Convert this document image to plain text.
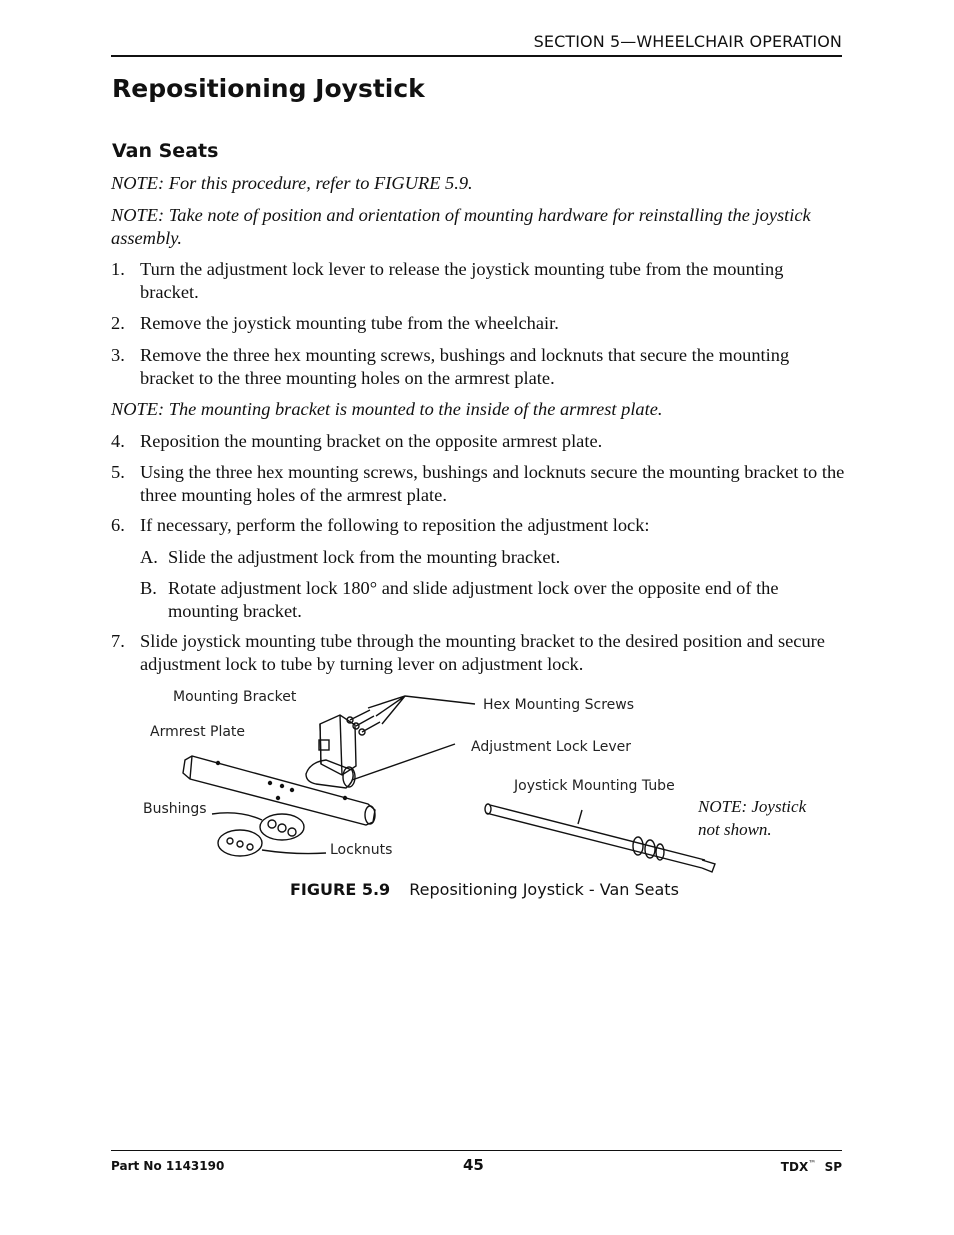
SECTION 5—WHEELCHAIR OPERATION
Repositioning Joystick
Van Seats
NOTE: For this procedure, refer to FIGURE 5.9.
NOTE: Take note of position and orientation of mounting hardware for reinstalling the joystick assembly.
1. Turn the adjustment lock lever to release the joystick mounting tube from the mounting bracket.
2. Remove the joystick mounting tube from the wheelchair.
3. Remove the three hex mounting screws, bushings and locknuts that secure the mounting bracket to the three mounting holes on the armrest plate.
NOTE: The mounting bracket is mounted to the inside of the armrest plate.
4. Reposition the mounting bracket on the opposite armrest plate.
5. Using the three hex mounting screws, bushings and locknuts secure the mounting bracket to the three mounting holes of the armrest plate.
6. If necessary, perform the following to reposition the adjustment lock:
A. Slide the adjustment lock from the mounting bracket.
B. Rotate adjustment lock 180° and slide adjustment lock over the opposite end of the mounting bracket.
7. Slide joystick mounting tube through the mounting bracket to the desired position and secure adjustment lock to tube by turning lever on adjustment lock.
Mounting Bracket
Armrest Plate
Hex Mounting Screws
Adjustment Lock Lever
Joystick Mounting Tube
Bushings
Locknuts
NOTE: Joystick
not shown.
FIGURE 5.9 Repositioning Joystick - Van Seats
Part No 1143190	45	TDX™ SP
